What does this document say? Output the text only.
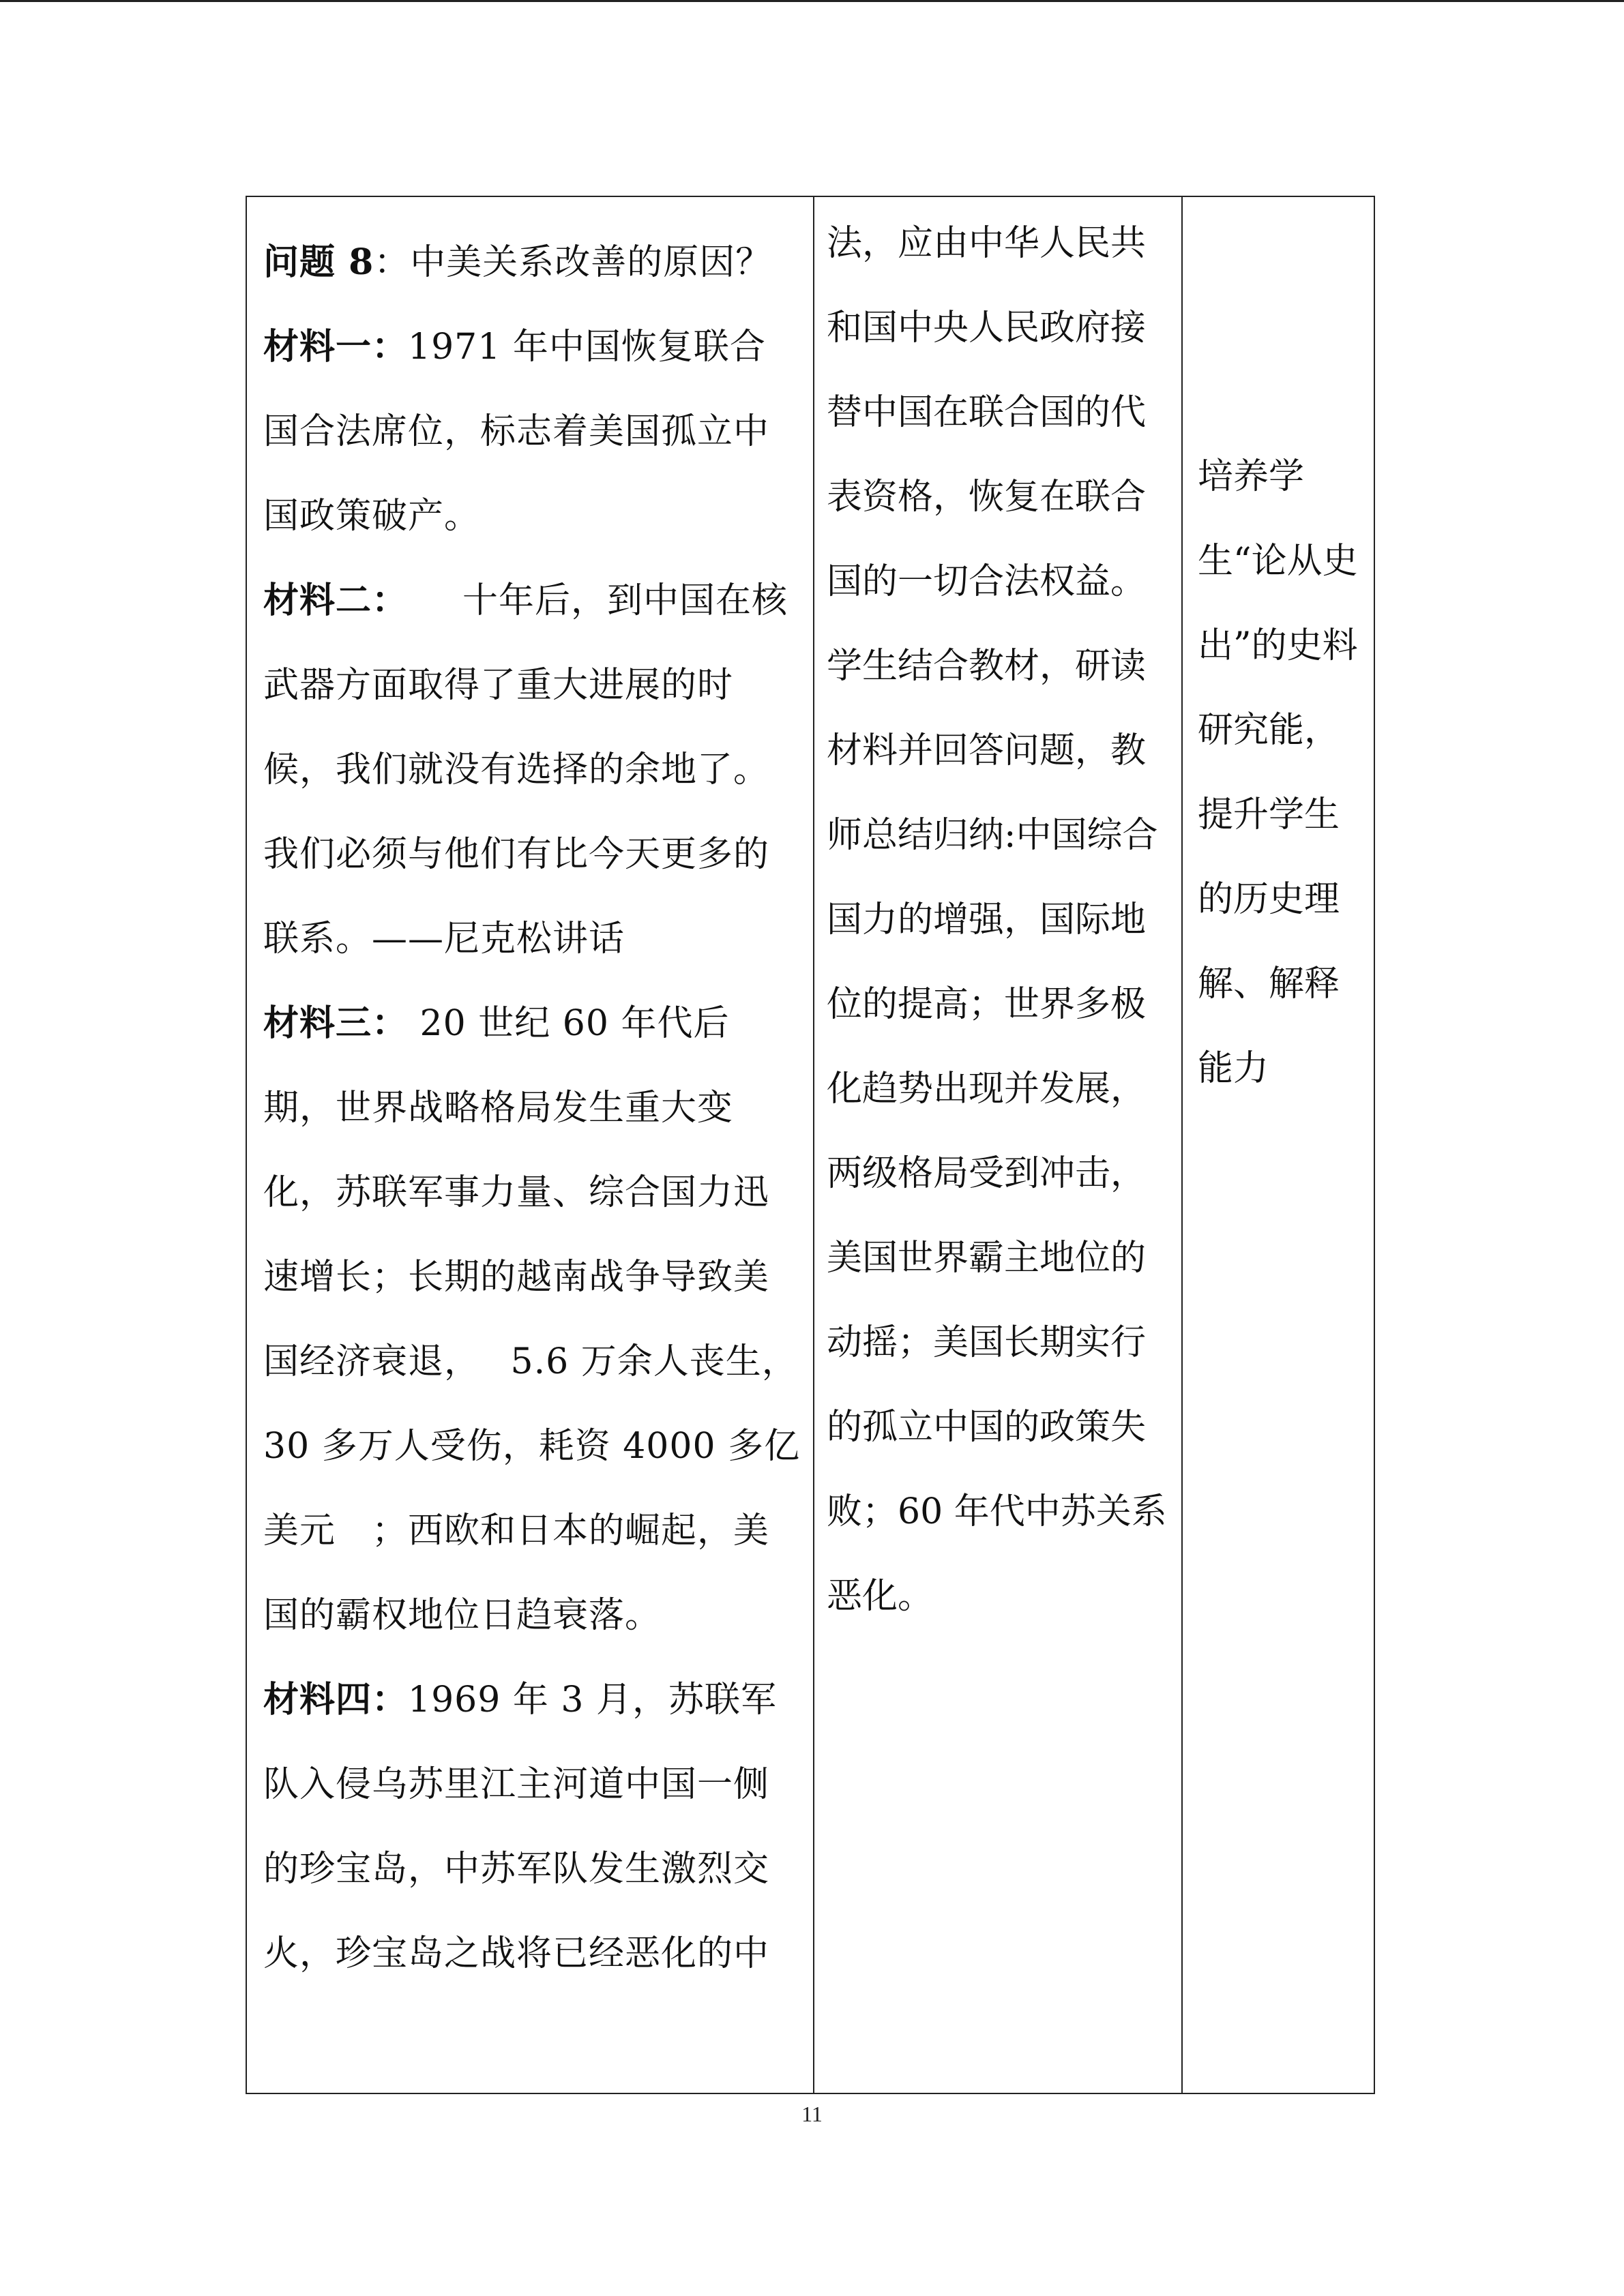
问题 8：中美关系改善的原因？

材料一：1971 年中国恢复联合国合法席位，标志着美国孤立中国政策破产。

材料二：　　十年后，到中国在核武器方面取得了重大进展的时候，我们就没有选择的余地了。我们必须与他们有比今天更多的联系。——尼克松讲话

材料三： 20 世纪 60 年代后期，世界战略格局发生重大变化，苏联军事力量、综合国力迅速增长；长期的越南战争导致美国经济衰退，　 5.6 万余人丧生，30 多万人受伤，耗资 4000 多亿美元　；西欧和日本的崛起，美国的霸权地位日趋衰落。

材料四：1969 年 3 月，苏联军队入侵乌苏里江主河道中国一侧的珍宝岛，中苏军队发生激烈交火，珍宝岛之战将已经恶化的中

法，应由中华人民共和国中央人民政府接替中国在联合国的代表资格，恢复在联合国的一切合法权益。

学生结合教材，研读材料并回答问题，教师总结归纳:中国综合国力的增强，国际地位的提高；世界多极化趋势出现并发展，两级格局受到冲击，美国世界霸主地位的动摇；美国长期实行的孤立中国的政策失败；60 年代中苏关系恶化。

培养学生“论从史出”的史料研究能，提升学生的历史理解、解释能力

11
